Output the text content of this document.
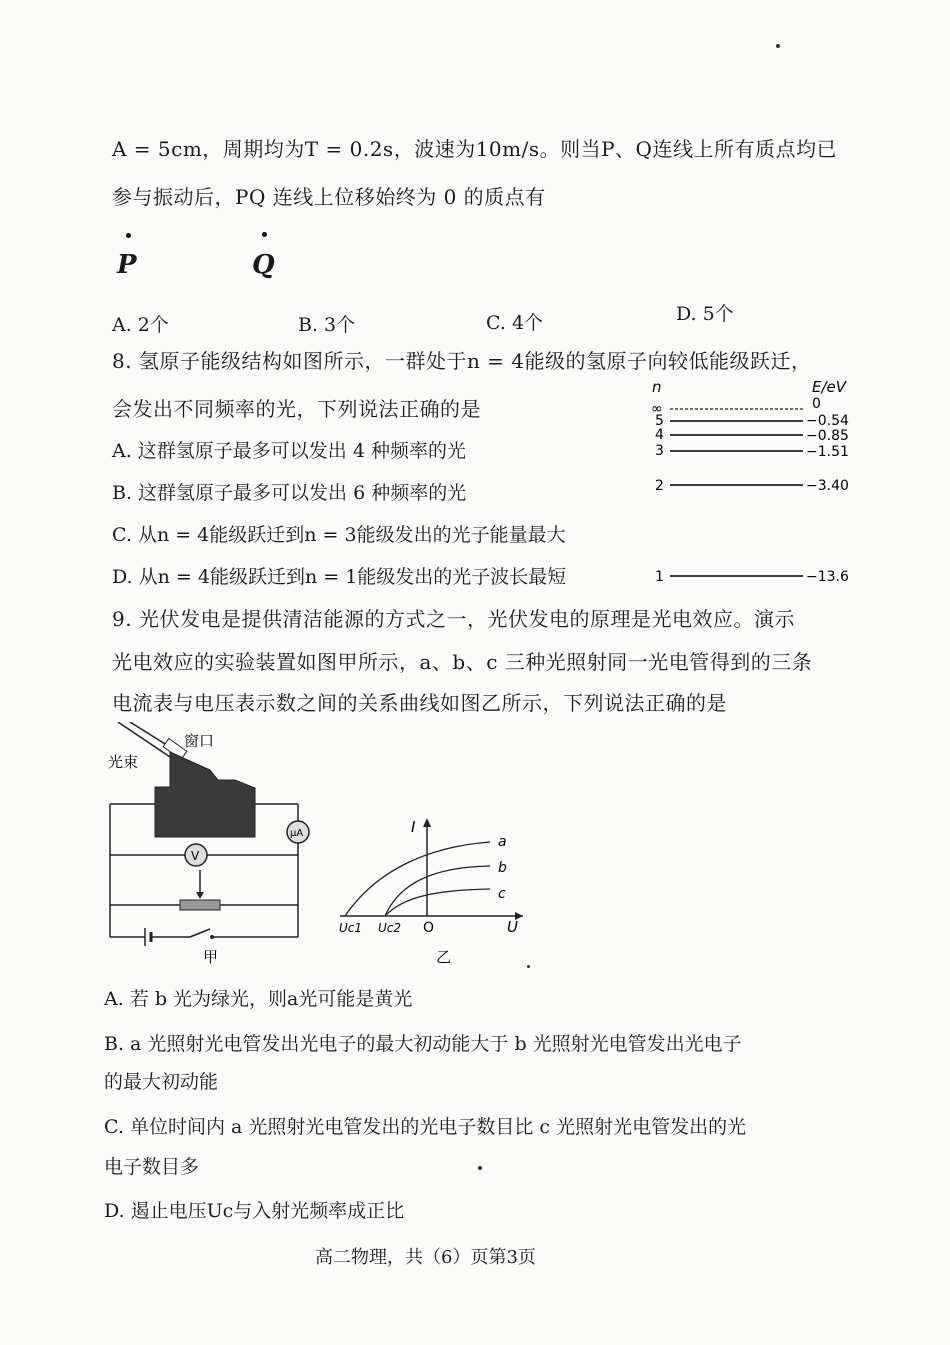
A = 5cm，周期均为T = 0.2s，波速为10m/s。则当P、Q连线上所有质点均已
参与振动后，PQ 连线上位移始终为 0 的质点有
P	Q
A. 2个	B. 3个	C. 4个	D. 5个
8. 氢原子能级结构如图所示，一群处于n = 4能级的氢原子向较低能级跃迁，
会发出不同频率的光，下列说法正确的是
A. 这群氢原子最多可以发出 4 种频率的光
B. 这群氢原子最多可以发出 6 种频率的光
C. 从n = 4能级跃迁到n = 3能级发出的光子能量最大
D. 从n = 4能级跃迁到n = 1能级发出的光子波长最短
n	E/eV
∞	0
5	−0.54
4	−0.85
3	−1.51
2	−3.40
1	−13.6
9. 光伏发电是提供清洁能源的方式之一，光伏发电的原理是光电效应。演示
光电效应的实验装置如图甲所示，a、b、c 三种光照射同一光电管得到的三条
电流表与电压表示数之间的关系曲线如图乙所示，下列说法正确的是
窗口
光束
μA
V
甲
I
U
O
a
b
c
Uc1 Uc2
乙
A. 若 b 光为绿光，则a光可能是黄光
B. a 光照射光电管发出光电子的最大初动能大于 b 光照射光电管发出光电子
的最大初动能
C. 单位时间内 a 光照射光电管发出的光电子数目比 c 光照射光电管发出的光
电子数目多
D. 遏止电压Uc与入射光频率成正比
高二物理，共（6）页第3页
